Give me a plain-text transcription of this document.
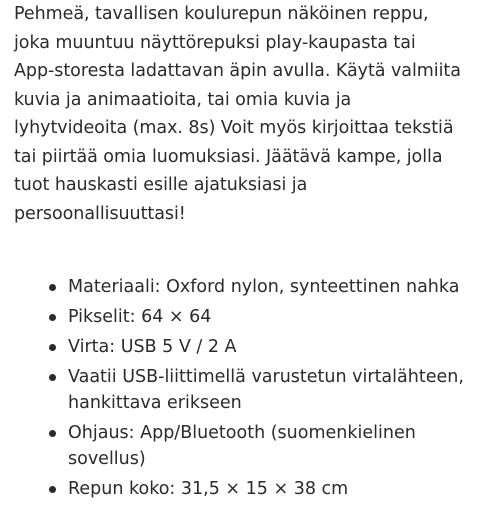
Pehmeä, tavallisen koulurepun näköinen reppu,
joka muuntuu näyttörepuksi play-kaupasta tai
App-storesta ladattavan äpin avulla. Käytä valmiita
kuvia ja animaatioita, tai omia kuvia ja
lyhytvideoita (max. 8s) Voit myös kirjoittaa tekstiä
tai piirtää omia luomuksiasi. Jäätävä kampe, jolla
tuot hauskasti esille ajatuksiasi ja
persoonallisuuttasi!

Materiaali: Oxford nylon, synteettinen nahka
Pikselit: 64 × 64
Virta: USB 5 V / 2 A
Vaatii USB-liittimellä varustetun virtalähteen,
hankittava erikseen
Ohjaus: App/Bluetooth (suomenkielinen
sovellus)
Repun koko: 31,5 × 15 × 38 cm
